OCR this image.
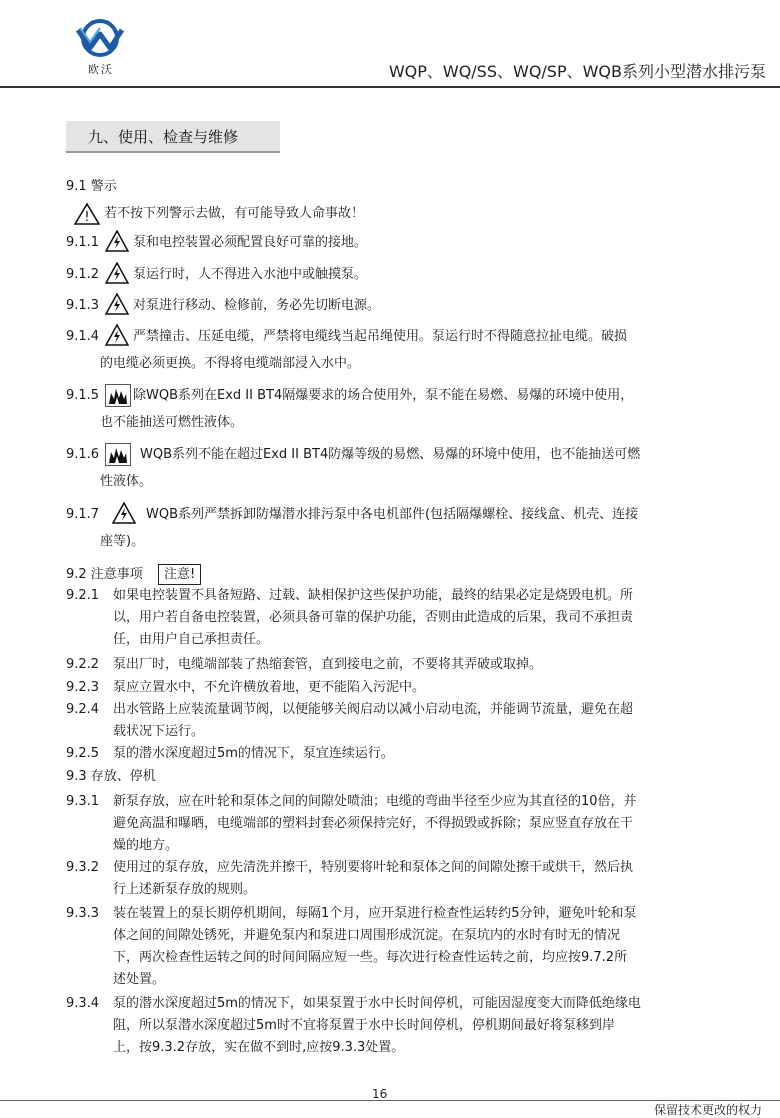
欧沃	WQP、WQ/SS、WQ/SP、WQB系列小型潜水排污泵
九、使用、检查与维修
9.1 警示
! 若不按下列警示去做，有可能导致人命事故！
9.1.1	泵和电控装置必须配置良好可靠的接地。
9.1.2	泵运行时，人不得进入水池中或触摸泵。
9.1.3	对泵进行移动、检修前，务必先切断电源。
9.1.4	严禁撞击、压延电缆，严禁将电缆线当起吊绳使用。泵运行时不得随意拉扯电缆。破损
的电缆必须更换。不得将电缆端部浸入水中。
9.1.5	除WQB系列在Exd II BT4隔爆要求的场合使用外，泵不能在易燃、易爆的环境中使用，
也不能抽送可燃性液体。
9.1.6	WQB系列不能在超过Exd II BT4防爆等级的易燃、易爆的环境中使用，也不能抽送可燃
性液体。
9.1.7	WQB系列严禁拆卸防爆潜水排污泵中各电机部件(包括隔爆螺栓、接线盒、机壳、连接
座等)。
9.2 注意事项	注意!
9.2.1 如果电控装置不具备短路、过载、缺相保护这些保护功能，最终的结果必定是烧毁电机。所
以，用户若自备电控装置，必须具备可靠的保护功能，否则由此造成的后果，我司不承担责
任，由用户自己承担责任。
9.2.2 泵出厂时，电缆端部装了热缩套管，直到接电之前，不要将其弄破或取掉。
9.2.3 泵应立置水中，不允许横放着地，更不能陷入污泥中。
9.2.4 出水管路上应装流量调节阀，以便能够关阀启动以减小启动电流，并能调节流量，避免在超
载状况下运行。
9.2.5 泵的潜水深度超过5m的情况下，泵宜连续运行。
9.3 存放、停机
9.3.1 新泵存放，应在叶轮和泵体之间的间隙处喷油；电缆的弯曲半径至少应为其直径的10倍，并
避免高温和曝晒，电缆端部的塑料封套必须保持完好，不得损毁或拆除；泵应竖直存放在干
燥的地方。
9.3.2 使用过的泵存放，应先清洗并擦干，特别要将叶轮和泵体之间的间隙处擦干或烘干，然后执
行上述新泵存放的规则。
9.3.3 装在装置上的泵长期停机期间，每隔1个月，应开泵进行检查性运转约5分钟，避免叶轮和泵
体之间的间隙处锈死，并避免泵内和泵进口周围形成沉淀。在泵坑内的水时有时无的情况
下，两次检查性运转之间的时间间隔应短一些。每次进行检查性运转之前，均应按9.7.2所
述处置。
9.3.4 泵的潜水深度超过5m的情况下，如果泵置于水中长时间停机，可能因湿度变大而降低绝缘电
阻，所以泵潜水深度超过5m时不宜将泵置于水中长时间停机，停机期间最好将泵移到岸
上，按9.3.2存放，实在做不到时,应按9.3.3处置。
16
保留技术更改的权力
